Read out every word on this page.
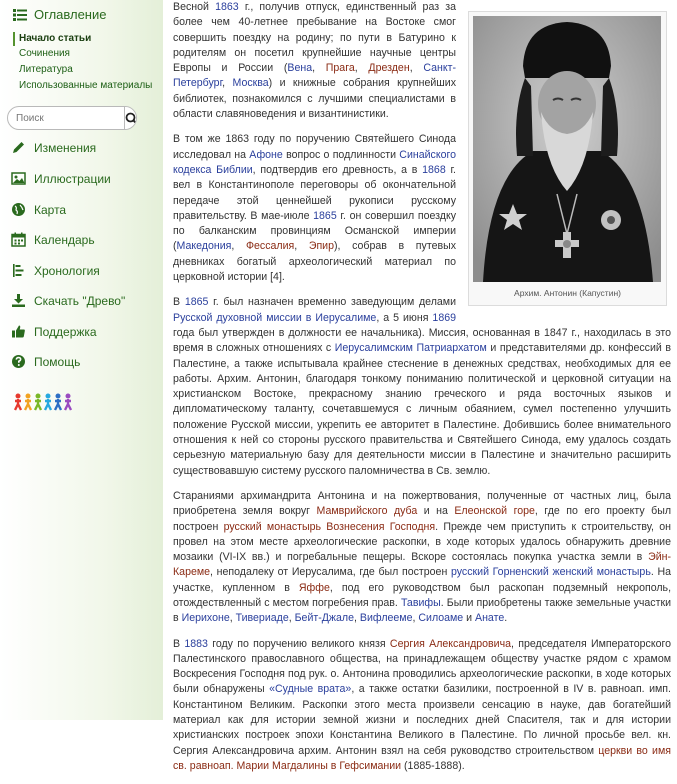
Оглавление
Начало статьи
Сочинения
Литература
Использованные материалы
Поиск
Изменения
Иллюстрации
Карта
Календарь
Хронология
Скачать "Древо"
Поддержка
Помощь
Архим. Антонин (Капустин)

Весной 1863 г., получив отпуск, единственный раз за более чем 40-летнее пребывание на Востоке смог совершить поездку на родину; по пути в Батурино к родителям он посетил крупнейшие научные центры Европы и России (Вена, Прага, Дрезден, Санкт-Петербург, Москва) и книжные собрания крупнейших библиотек, познакомился с лучшими специалистами в области славяноведения и византинистики.

В том же 1863 году по поручению Святейшего Синода исследовал на Афоне вопрос о подлинности Синайского кодекса Библии, подтвердив его древность, а в 1868 г. вел в Константинополе переговоры об окончательной передаче этой ценнейшей рукописи русскому правительству. В мае-июле 1865 г. он совершил поездку по балканским провинциям Османской империи (Македония, Фессалия, Эпир), собрав в путевых дневниках богатый археологический материал по церковной истории [4].

В 1865 г. был назначен временно заведующим делами Русской духовной миссии в Иерусалиме, а 5 июня 1869 года был утвержден в должности ее начальника). Миссия, основанная в 1847 г., находилась в это время в сложных отношениях с Иерусалимским Патриархатом и представителями др. конфессий в Палестине, а также испытывала крайнее стеснение в денежных средствах, необходимых для ее работы. Архим. Антонин, благодаря тонкому пониманию политической и церковной ситуации на христианском Востоке, прекрасному знанию греческого и ряда восточных языков и дипломатическому таланту, сочетавшемуся с личным обаянием, сумел постепенно улучшить положение Русской миссии, укрепить ее авторитет в Палестине. Добившись более внимательного отношения к ней со стороны русского правительства и Святейшего Синода, ему удалось создать серьезную материальную базу для деятельности миссии в Палестине и значительно расширить существовавшую систему русского паломничества в Св. землю.

Стараниями архимандрита Антонина и на пожертвования, полученные от частных лиц, была приобретена земля вокруг Мамврийского дуба и на Елеонской горе, где по его проекту был построен русский монастырь Вознесения Господня. Прежде чем приступить к строительству, он провел на этом месте археологические раскопки, в ходе которых удалось обнаружить древние мозаики (VI-IX вв.) и погребальные пещеры. Вскоре состоялась покупка участка земли в Эйн-Кареме, неподалеку от Иерусалима, где был построен русский Горненский женский монастырь. На участке, купленном в Яффе, под его руководством был раскопан подземный некрополь, отождествленный с местом погребения прав. Тавифы. Были приобретены также земельные участки в Иерихоне, Тивериаде, Бейт-Джале, Вифлееме, Силоаме и Анате.

В 1883 году по поручению великого князя Сергия Александровича, председателя Императорского Палестинского православного общества, на принадлежащем обществу участке рядом с храмом Воскресения Господня под рук. о. Антонина проводились археологические раскопки, в ходе которых были обнаружены «Судные врата», а также остатки базилики, построенной в IV в. равноап. имп. Константином Великим. Раскопки этого места произвели сенсацию в науке, дав богатейший материал как для истории земной жизни и последних дней Спасителя, так и для истории христианских построек эпохи Константина Великого в Палестине. По личной просьбе вел. кн. Сергия Александровича архим. Антонин взял на себя руководство строительством церкви во имя св. равноап. Марии Магдалины в Гефсимании (1885-1888).
